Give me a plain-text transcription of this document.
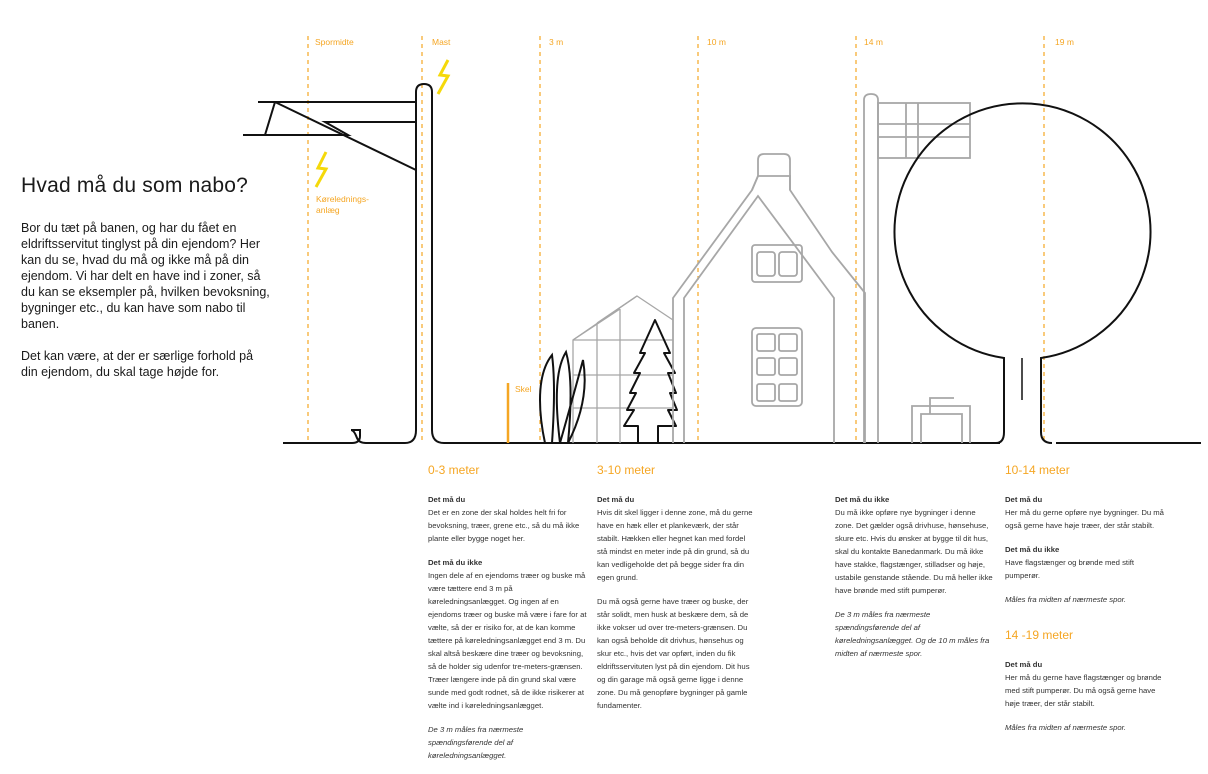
Spormidte	Mast	3 m	10 m	14 m	19 m
Kørelednings-
anlæg
Skel
Hvad må du som nabo?

Bor du tæt på banen, og har du fået en eldriftsservitut tinglyst på din ejendom? Her kan du se, hvad du må og ikke må på din ejendom. Vi har delt en have ind i zoner, så du kan se eksempler på, hvilken bevoksning, bygninger etc., du kan have som nabo til banen.

Det kan være, at der er særlige forhold på din ejendom, du skal tage højde for.

0-3 meter

Det må du

Det er en zone der skal holdes helt fri for bevoksning, træer, grene etc., så du må ikke plante eller bygge noget her.

Det må du ikke

Ingen dele af en ejendoms træer og buske må være tættere end 3 m på køreledningsanlægget. Og ingen af en ejendoms træer og buske må være i fare for at vælte, så der er risiko for, at de kan komme tættere på køreledningsanlægget end 3 m. Du skal altså beskære dine træer og bevoksning, så de holder sig udenfor tre-meters-grænsen. Træer længere inde på din grund skal være sunde med godt rodnet, så de ikke risikerer at vælte ind i køreledningsanlægget.

De 3 m måles fra nærmeste spændingsførende del af køreledningsanlægget.

3-10 meter

Det må du

Hvis dit skel ligger i denne zone, må du gerne have en hæk eller et plankeværk, der står stabilt. Hækken eller hegnet kan med fordel stå mindst en meter inde på din grund, så du kan vedligeholde det på begge sider fra din egen grund.

Du må også gerne have træer og buske, der står solidt, men husk at beskære dem, så de ikke vokser ud over tre-meters-grænsen. Du kan også beholde dit drivhus, hønsehus og skur etc., hvis det var opført, inden du fik eldriftsservituten lyst på din ejendom. Dit hus og din garage må også gerne ligge i denne zone. Du må genopføre bygninger på gamle fundamenter.

Det må du ikke

Du må ikke opføre nye bygninger i denne zone. Det gælder også drivhuse, hønsehuse, skure etc. Hvis du ønsker at bygge til dit hus, skal du kontakte Banedanmark. Du må ikke have stakke, flagstænger, stilladser og høje, ustabile genstande stående. Du må heller ikke have brønde med stift pumperør.

De 3 m måles fra nærmeste spændingsførende del af køreledningsanlægget. Og de 10 m måles fra midten af nærmeste spor.

10-14 meter

Det må du

Her må du gerne opføre nye bygninger. Du må også gerne have høje træer, der står stabilt.

Det må du ikke

Have flagstænger og brønde med stift pumperør.

Måles fra midten af nærmeste spor.

14 -19 meter

Det må du

Her må du gerne have flagstænger og brønde med stift pumperør. Du må også gerne have høje træer, der står stabilt.

Måles fra midten af nærmeste spor.
